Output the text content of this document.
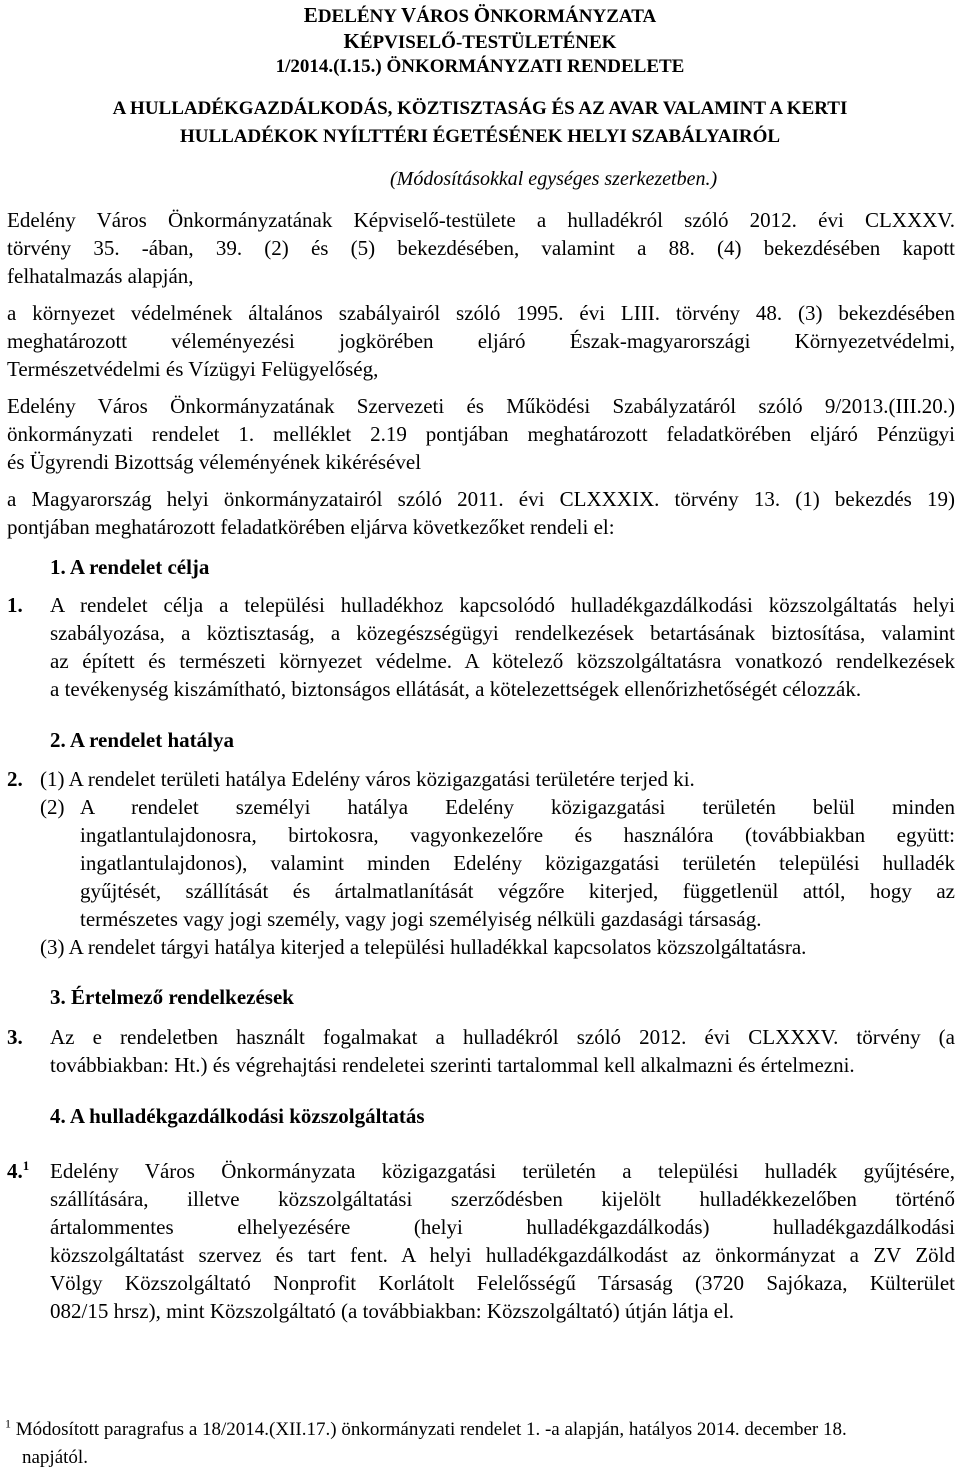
EDELÉNY VÁROS ÖNKORMÁNYZATA
KÉPVISELŐ-TESTÜLETÉNEK
1/2014.(I.15.) ÖNKORMÁNYZATI RENDELETE
A HULLADÉKGAZDÁLKODÁS, KÖZTISZTASÁG ÉS AZ AVAR VALAMINT A KERTI
HULLADÉKOK NYÍLTTÉRI ÉGETÉSÉNEK HELYI SZABÁLYAIRÓL
(Módosításokkal egységes szerkezetben.)
Edelény Város Önkormányzatának Képviselő-testülete a hulladékról szóló 2012. évi CLXXXV.
törvény 35. -ában, 39. (2) és (5) bekezdésében, valamint a 88. (4) bekezdésében kapott
felhatalmazás alapján,
a környezet védelmének általános szabályairól szóló 1995. évi LIII. törvény 48. (3) bekezdésében
meghatározott véleményezési jogkörében eljáró Észak-magyarországi Környezetvédelmi,
Természetvédelmi és Vízügyi Felügyelőség,
Edelény Város Önkormányzatának Szervezeti és Működési Szabályzatáról szóló 9/2013.(III.20.)
önkormányzati rendelet 1. melléklet 2.19 pontjában meghatározott feladatkörében eljáró Pénzügyi
és Ügyrendi Bizottság véleményének kikérésével
a Magyarország helyi önkormányzatairól szóló 2011. évi CLXXXIX. törvény 13. (1) bekezdés 19)
pontjában meghatározott feladatkörében eljárva következőket rendeli el:
1. A rendelet célja
1. A rendelet célja a települési hulladékhoz kapcsolódó hulladékgazdálkodási közszolgáltatás helyi
szabályozása, a köztisztaság, a közegészségügyi rendelkezések betartásának biztosítása, valamint
az épített és természeti környezet védelme. A kötelező közszolgáltatásra vonatkozó rendelkezések
a tevékenység kiszámítható, biztonságos ellátását, a kötelezettségek ellenőrizhetőségét célozzák.
2. A rendelet hatálya
2. (1) A rendelet területi hatálya Edelény város közigazgatási területére terjed ki.
(2) A rendelet személyi hatálya Edelény közigazgatási területén belül minden
ingatlantulajdonosra, birtokosra, vagyonkezelőre és használóra (továbbiakban együtt:
ingatlantulajdonos), valamint minden Edelény közigazgatási területén települési hulladék
gyűjtését, szállítását és ártalmatlanítását végzőre kiterjed, függetlenül attól, hogy az
természetes vagy jogi személy, vagy jogi személyiség nélküli gazdasági társaság.
(3) A rendelet tárgyi hatálya kiterjed a települési hulladékkal kapcsolatos közszolgáltatásra.
3. Értelmező rendelkezések
3. Az e rendeletben használt fogalmakat a hulladékról szóló 2012. évi CLXXXV. törvény (a
továbbiakban: Ht.) és végrehajtási rendeletei szerinti tartalommal kell alkalmazni és értelmezni.
4. A hulladékgazdálkodási közszolgáltatás
4.$^1$ Edelény Város Önkormányzata közigazgatási területén a települési hulladék gyűjtésére,
szállítására, illetve közszolgáltatási szerződésben kijelölt hulladékkezelőben történő
ártalommentes elhelyezésére (helyi hulladékgazdálkodás) hulladékgazdálkodási
közszolgáltatást szervez és tart fent. A helyi hulladékgazdálkodást az önkormányzat a ZV Zöld
Völgy Közszolgáltató Nonprofit Korlátolt Felelősségű Társaság (3720 Sajókaza, Külterület
082/15 hrsz), mint Közszolgáltató (a továbbiakban: Közszolgáltató) útján látja el.
$^1$ Módosított paragrafus a 18/2014.(XII.17.) önkormányzati rendelet 1. -a alapján, hatályos 2014. december 18.
napjától.
